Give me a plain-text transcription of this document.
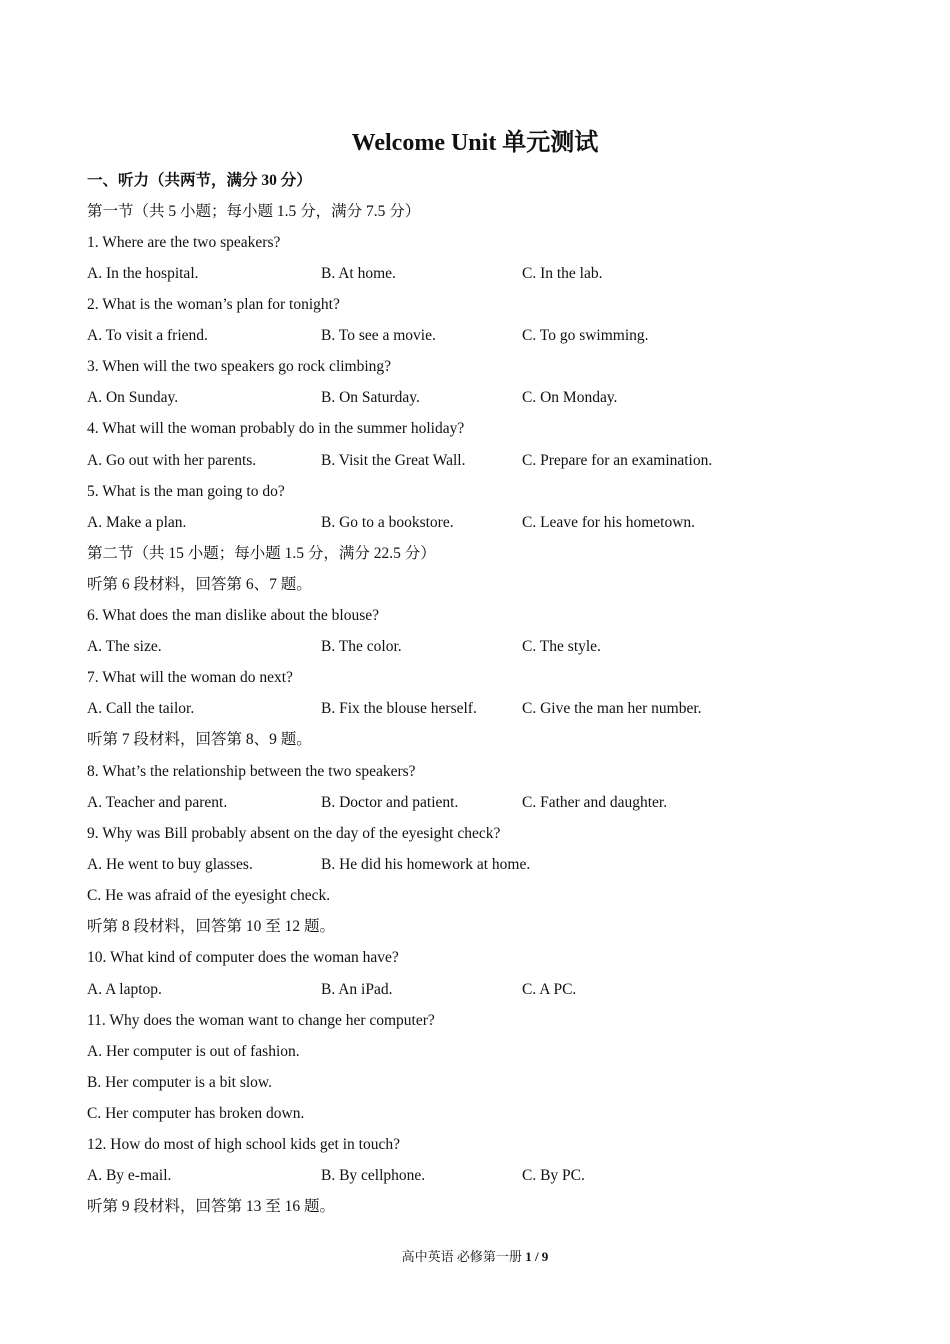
Welcome Unit 单元测试
一、听力（共两节，满分 30 分）
第一节（共 5 小题；每小题 1.5 分，满分 7.5 分）
1. Where are the two speakers?
A. In the hospital.	B. At home.	C. In the lab.
2. What is the woman’s plan for tonight?
A. To visit a friend.	B. To see a movie.	C. To go swimming.
3. When will the two speakers go rock climbing?
A. On Sunday.	B. On Saturday.	C. On Monday.
4. What will the woman probably do in the summer holiday?
A. Go out with her parents.	B. Visit the Great Wall.	C. Prepare for an examination.
5. What is the man going to do?
A. Make a plan.	B. Go to a bookstore.	C. Leave for his hometown.
第二节（共 15 小题；每小题 1.5 分，满分 22.5 分）
听第 6 段材料，回答第 6、7 题。
6. What does the man dislike about the blouse?
A. The size.	B. The color.	C. The style.
7. What will the woman do next?
A. Call the tailor.	B. Fix the blouse herself.	C. Give the man her number.
听第 7 段材料，回答第 8、9 题。
8. What’s the relationship between the two speakers?
A. Teacher and parent.	B. Doctor and patient.	C. Father and daughter.
9. Why was Bill probably absent on the day of the eyesight check?
A. He went to buy glasses.	B. He did his homework at home.
C. He was afraid of the eyesight check.
听第 8 段材料，回答第 10 至 12 题。
10. What kind of computer does the woman have?
A. A laptop.	B. An iPad.	C. A PC.
11. Why does the woman want to change her computer?
A. Her computer is out of fashion.
B. Her computer is a bit slow.
C. Her computer has broken down.
12. How do most of high school kids get in touch?
A. By e-mail.	B. By cellphone.	C. By PC.
听第 9 段材料，回答第 13 至 16 题。
高中英语 必修第一册 1 / 9
